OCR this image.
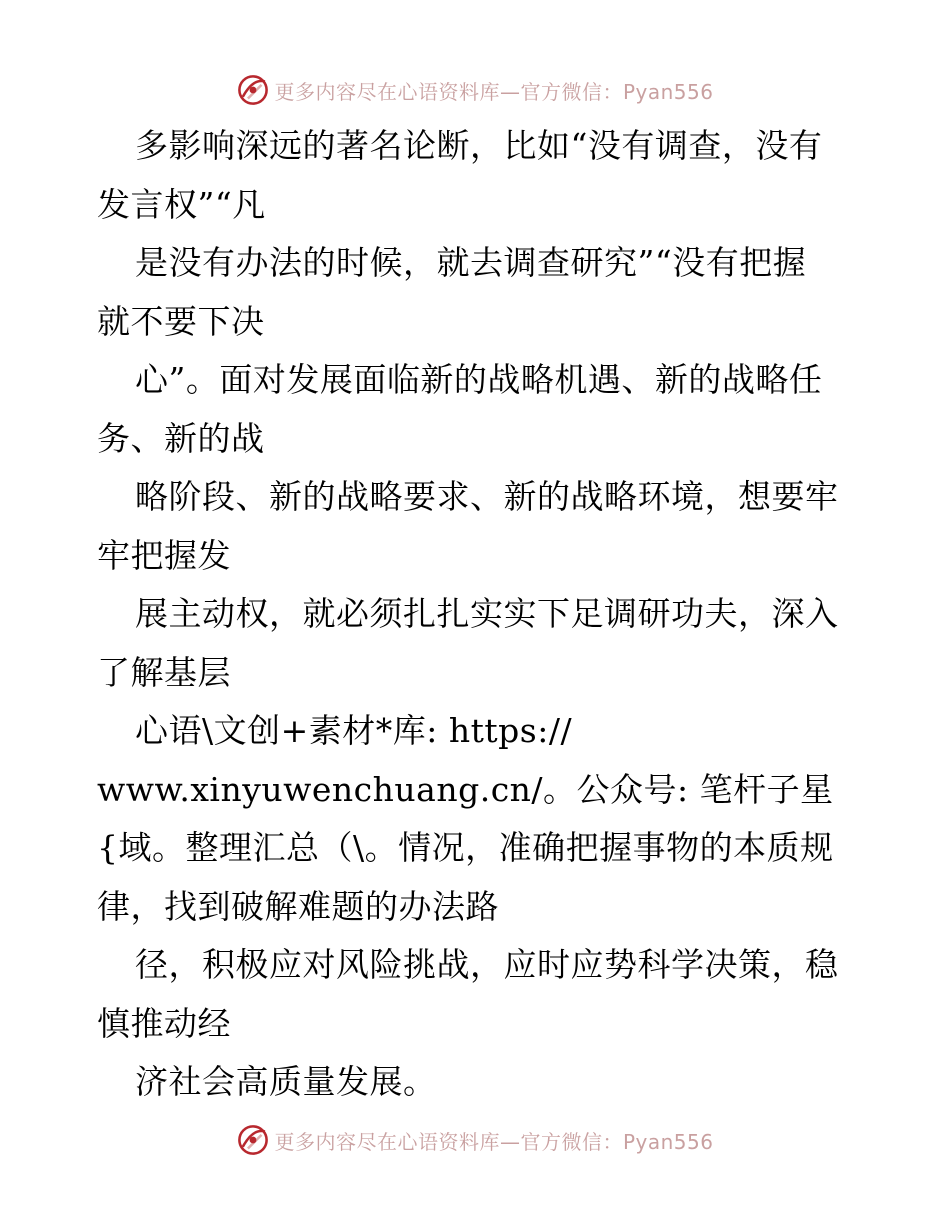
更多内容尽在心语资料库—官方微信：Pyan556
多影响深远的著名论断，比如“没有调查，没有
发言权”“凡
是没有办法的时候，就去调查研究”“没有把握
就不要下决
心”。面对发展面临新的战略机遇、新的战略任
务、新的战
略阶段、新的战略要求、新的战略环境，想要牢
牢把握发
展主动权，就必须扎扎实实下足调研功夫，深入
了解基层
心语\文创+素材*库: https://
www.xinyuwenchuang.cn/。公众号: 笔杆子星
{域。整理汇总（\。情况，准确把握事物的本质规
律，找到破解难题的办法路
径，积极应对风险挑战，应时应势科学决策，稳
慎推动经
济社会高质量发展。
更多内容尽在心语资料库—官方微信：Pyan556
